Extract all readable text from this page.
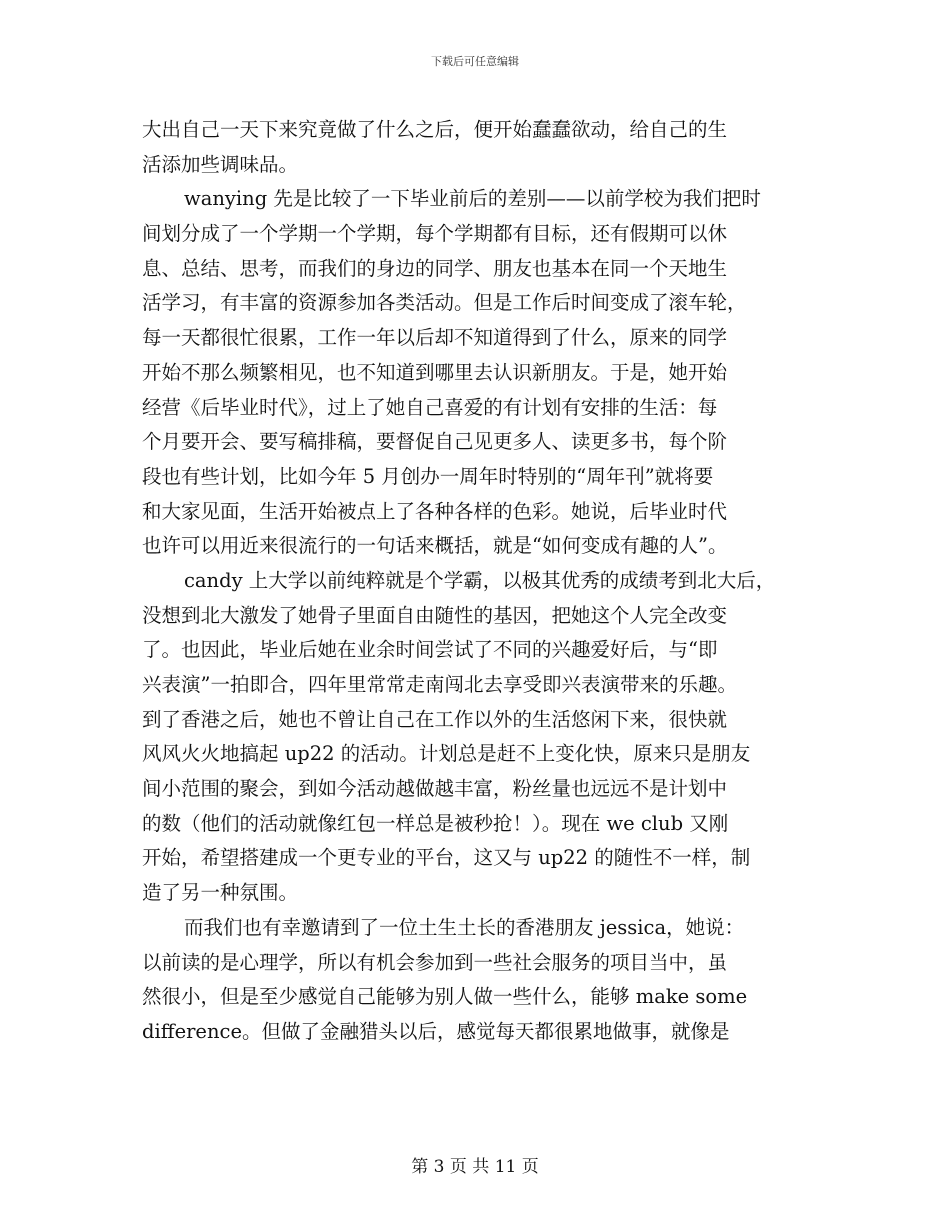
下载后可任意编辑
大出自己一天下来究竟做了什么之后，便开始蠢蠢欲动，给自己的生
活添加些调味品。
wanying 先是比较了一下毕业前后的差别——以前学校为我们把时
间划分成了一个学期一个学期，每个学期都有目标，还有假期可以休
息、总结、思考，而我们的身边的同学、朋友也基本在同一个天地生
活学习，有丰富的资源参加各类活动。但是工作后时间变成了滚车轮，
每一天都很忙很累，工作一年以后却不知道得到了什么，原来的同学
开始不那么频繁相见，也不知道到哪里去认识新朋友。于是，她开始
经营《后毕业时代》，过上了她自己喜爱的有计划有安排的生活：每
个月要开会、要写稿排稿，要督促自己见更多人、读更多书，每个阶
段也有些计划，比如今年 5 月创办一周年时特别的“周年刊”就将要
和大家见面，生活开始被点上了各种各样的色彩。她说，后毕业时代
也许可以用近来很流行的一句话来概括，就是“如何变成有趣的人”。
candy 上大学以前纯粹就是个学霸，以极其优秀的成绩考到北大后，
没想到北大激发了她骨子里面自由随性的基因，把她这个人完全改变
了。也因此，毕业后她在业余时间尝试了不同的兴趣爱好后，与“即
兴表演”一拍即合，四年里常常走南闯北去享受即兴表演带来的乐趣。
到了香港之后，她也不曾让自己在工作以外的生活悠闲下来，很快就
风风火火地搞起 up22 的活动。计划总是赶不上变化快，原来只是朋友
间小范围的聚会，到如今活动越做越丰富，粉丝量也远远不是计划中
的数（他们的活动就像红包一样总是被秒抢！）。现在 we club 又刚
开始，希望搭建成一个更专业的平台，这又与 up22 的随性不一样，制
造了另一种氛围。
而我们也有幸邀请到了一位土生土长的香港朋友 jessica，她说：
以前读的是心理学，所以有机会参加到一些社会服务的项目当中，虽
然很小，但是至少感觉自己能够为别人做一些什么，能够 make some
difference。但做了金融猎头以后，感觉每天都很累地做事，就像是
第 3 页 共 11 页
